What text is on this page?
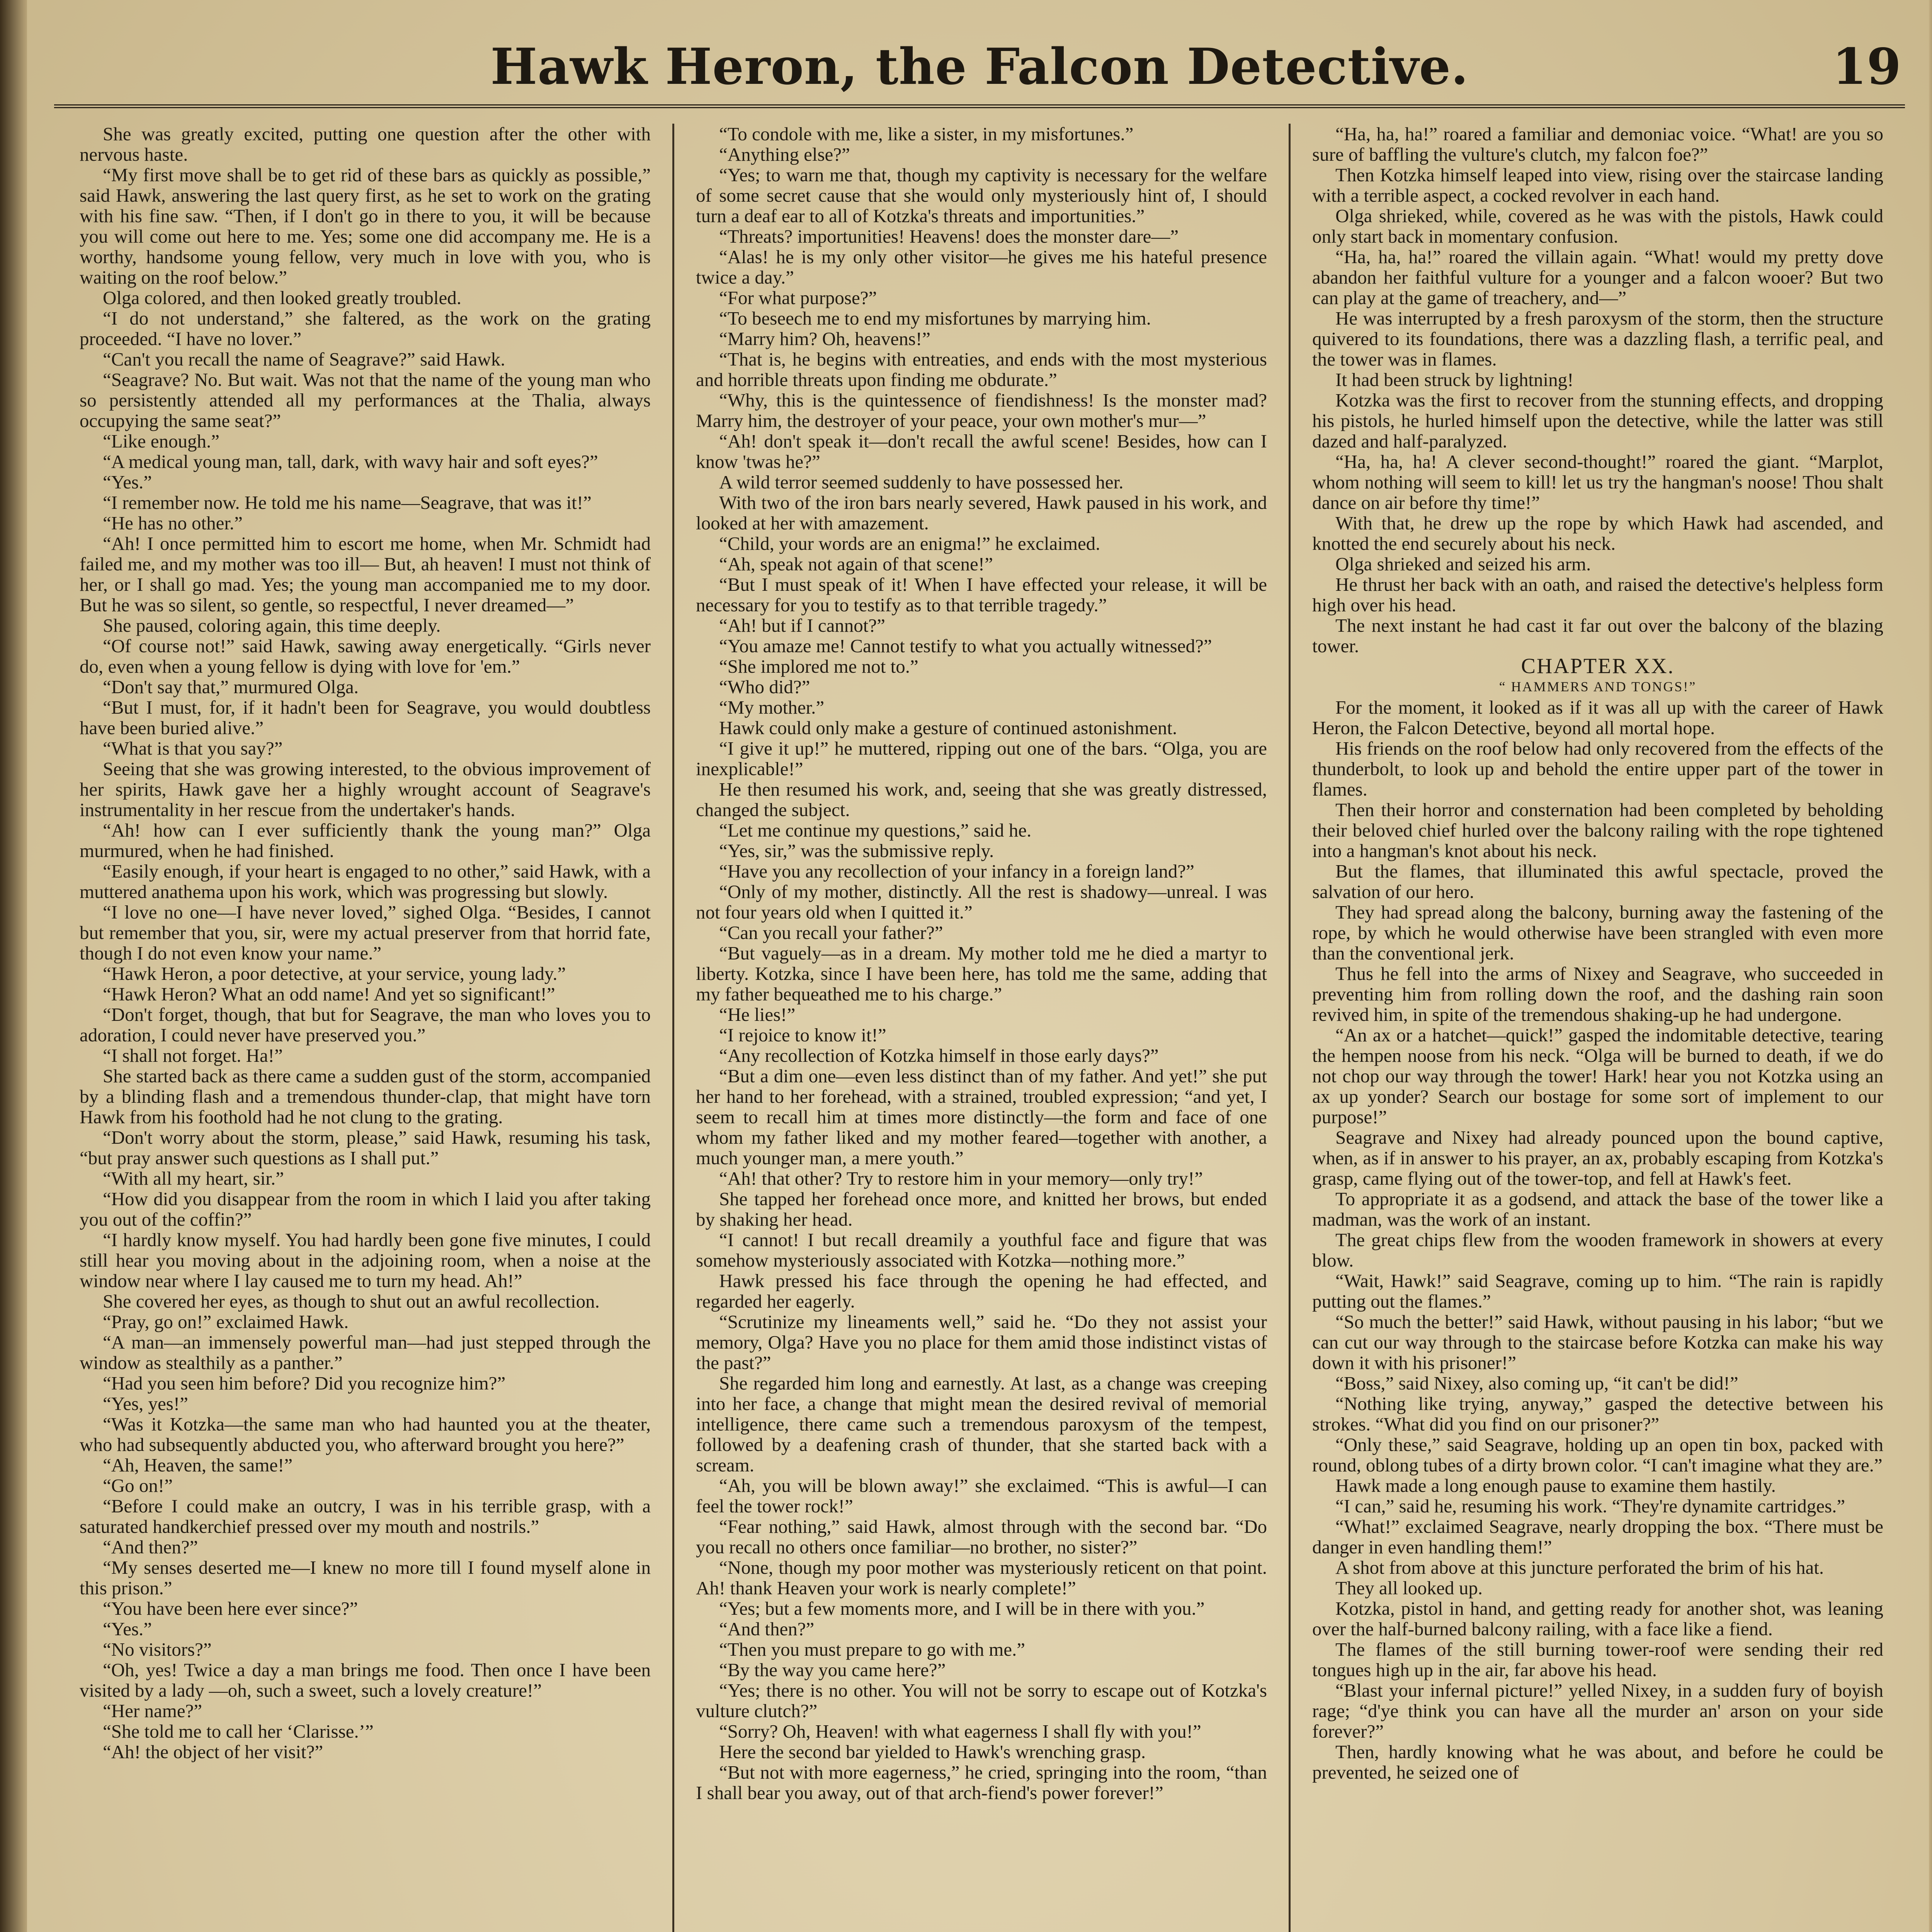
Hawk Heron, the Falcon Detective.	19

She was greatly excited, putting one question after the other with nervous haste.

“My first move shall be to get rid of these bars as quickly as possible,” said Hawk, answering the last query first, as he set to work on the grating with his fine saw. “Then, if I don't go in there to you, it will be because you will come out here to me. Yes; some one did accompany me. He is a worthy, handsome young fellow, very much in love with you, who is waiting on the roof below.”

Olga colored, and then looked greatly troubled.

“I do not understand,” she faltered, as the work on the grating proceeded. “I have no lover.”

“Can't you recall the name of Seagrave?” said Hawk.

“Seagrave? No. But wait. Was not that the name of the young man who so persistently attended all my performances at the Thalia, always occupying the same seat?”

“Like enough.”

“A medical young man, tall, dark, with wavy hair and soft eyes?”

“Yes.”

“I remember now. He told me his name—Seagrave, that was it!”

“He has no other.”

“Ah! I once permitted him to escort me home, when Mr. Schmidt had failed me, and my mother was too ill— But, ah heaven! I must not think of her, or I shall go mad. Yes; the young man accompanied me to my door. But he was so silent, so gentle, so respectful, I never dreamed—”

She paused, coloring again, this time deeply.

“Of course not!” said Hawk, sawing away energetically. “Girls never do, even when a young fellow is dying with love for 'em.”

“Don't say that,” murmured Olga.

“But I must, for, if it hadn't been for Seagrave, you would doubtless have been buried alive.”

“What is that you say?”

Seeing that she was growing interested, to the obvious improvement of her spirits, Hawk gave her a highly wrought account of Seagrave's instrumentality in her rescue from the undertaker's hands.

“Ah! how can I ever sufficiently thank the young man?” Olga murmured, when he had finished.

“Easily enough, if your heart is engaged to no other,” said Hawk, with a muttered anathema upon his work, which was progressing but slowly.

“I love no one—I have never loved,” sighed Olga. “Besides, I cannot but remember that you, sir, were my actual preserver from that horrid fate, though I do not even know your name.”

“Hawk Heron, a poor detective, at your service, young lady.”

“Hawk Heron? What an odd name! And yet so significant!”

“Don't forget, though, that but for Seagrave, the man who loves you to adoration, I could never have preserved you.”

“I shall not forget. Ha!”

She started back as there came a sudden gust of the storm, accompanied by a blinding flash and a tremendous thunder-clap, that might have torn Hawk from his foothold had he not clung to the grating.

“Don't worry about the storm, please,” said Hawk, resuming his task, “but pray answer such questions as I shall put.”

“With all my heart, sir.”

“How did you disappear from the room in which I laid you after taking you out of the coffin?”

“I hardly know myself. You had hardly been gone five minutes, I could still hear you moving about in the adjoining room, when a noise at the window near where I lay caused me to turn my head. Ah!”

She covered her eyes, as though to shut out an awful recollection.

“Pray, go on!” exclaimed Hawk.

“A man—an immensely powerful man—had just stepped through the window as stealthily as a panther.”

“Had you seen him before? Did you recognize him?”

“Yes, yes!”

“Was it Kotzka—the same man who had haunted you at the theater, who had subsequently abducted you, who afterward brought you here?”

“Ah, Heaven, the same!”

“Go on!”

“Before I could make an outcry, I was in his terrible grasp, with a saturated handkerchief pressed over my mouth and nostrils.”

“And then?”

“My senses deserted me—I knew no more till I found myself alone in this prison.”

“You have been here ever since?”

“Yes.”

“No visitors?”

“Oh, yes! Twice a day a man brings me food. Then once I have been visited by a lady —oh, such a sweet, such a lovely creature!”

“Her name?”

“She told me to call her ‘Clarisse.’”

“Ah! the object of her visit?”

“To condole with me, like a sister, in my misfortunes.”

“Anything else?”

“Yes; to warn me that, though my captivity is necessary for the welfare of some secret cause that she would only mysteriously hint of, I should turn a deaf ear to all of Kotzka's threats and importunities.”

“Threats? importunities! Heavens! does the monster dare—”

“Alas! he is my only other visitor—he gives me his hateful presence twice a day.”

“For what purpose?”

“To beseech me to end my misfortunes by marrying him.

“Marry him? Oh, heavens!”

“That is, he begins with entreaties, and ends with the most mysterious and horrible threats upon finding me obdurate.”

“Why, this is the quintessence of fiendishness! Is the monster mad? Marry him, the destroyer of your peace, your own mother's mur—”

“Ah! don't speak it—don't recall the awful scene! Besides, how can I know 'twas he?”

A wild terror seemed suddenly to have possessed her.

With two of the iron bars nearly severed, Hawk paused in his work, and looked at her with amazement.

“Child, your words are an enigma!” he exclaimed.

“Ah, speak not again of that scene!”

“But I must speak of it! When I have effected your release, it will be necessary for you to testify as to that terrible tragedy.”

“Ah! but if I cannot?”

“You amaze me! Cannot testify to what you actually witnessed?”

“She implored me not to.”

“Who did?”

“My mother.”

Hawk could only make a gesture of continued astonishment.

“I give it up!” he muttered, ripping out one of the bars. “Olga, you are inexplicable!”

He then resumed his work, and, seeing that she was greatly distressed, changed the subject.

“Let me continue my questions,” said he.

“Yes, sir,” was the submissive reply.

“Have you any recollection of your infancy in a foreign land?”

“Only of my mother, distinctly. All the rest is shadowy—unreal. I was not four years old when I quitted it.”

“Can you recall your father?”

“But vaguely—as in a dream. My mother told me he died a martyr to liberty. Kotzka, since I have been here, has told me the same, adding that my father bequeathed me to his charge.”

“He lies!”

“I rejoice to know it!”

“Any recollection of Kotzka himself in those early days?”

“But a dim one—even less distinct than of my father. And yet!” she put her hand to her forehead, with a strained, troubled expression; “and yet, I seem to recall him at times more distinctly—the form and face of one whom my father liked and my mother feared—together with another, a much younger man, a mere youth.”

“Ah! that other? Try to restore him in your memory—only try!”

She tapped her forehead once more, and knitted her brows, but ended by shaking her head.

“I cannot! I but recall dreamily a youthful face and figure that was somehow mysteriously associated with Kotzka—nothing more.”

Hawk pressed his face through the opening he had effected, and regarded her eagerly.

“Scrutinize my lineaments well,” said he. “Do they not assist your memory, Olga? Have you no place for them amid those indistinct vistas of the past?”

She regarded him long and earnestly. At last, as a change was creeping into her face, a change that might mean the desired revival of memorial intelligence, there came such a tremendous paroxysm of the tempest, followed by a deafening crash of thunder, that she started back with a scream.

“Ah, you will be blown away!” she exclaimed. “This is awful—I can feel the tower rock!”

“Fear nothing,” said Hawk, almost through with the second bar. “Do you recall no others once familiar—no brother, no sister?”

“None, though my poor mother was mysteriously reticent on that point. Ah! thank Heaven your work is nearly complete!”

“Yes; but a few moments more, and I will be in there with you.”

“And then?”

“Then you must prepare to go with me.”

“By the way you came here?”

“Yes; there is no other. You will not be sorry to escape out of Kotzka's vulture clutch?”

“Sorry? Oh, Heaven! with what eagerness I shall fly with you!”

Here the second bar yielded to Hawk's wrenching grasp.

“But not with more eagerness,” he cried, springing into the room, “than I shall bear you away, out of that arch-fiend's power forever!”

“Ha, ha, ha!” roared a familiar and demoniac voice. “What! are you so sure of baffling the vulture's clutch, my falcon foe?”

Then Kotzka himself leaped into view, rising over the staircase landing with a terrible aspect, a cocked revolver in each hand.

Olga shrieked, while, covered as he was with the pistols, Hawk could only start back in momentary confusion.

“Ha, ha, ha!” roared the villain again. “What! would my pretty dove abandon her faithful vulture for a younger and a falcon wooer? But two can play at the game of treachery, and—”

He was interrupted by a fresh paroxysm of the storm, then the structure quivered to its foundations, there was a dazzling flash, a terrific peal, and the tower was in flames.

It had been struck by lightning!

Kotzka was the first to recover from the stunning effects, and dropping his pistols, he hurled himself upon the detective, while the latter was still dazed and half-paralyzed.

“Ha, ha, ha! A clever second-thought!” roared the giant. “Marplot, whom nothing will seem to kill! let us try the hangman's noose! Thou shalt dance on air before thy time!”

With that, he drew up the rope by which Hawk had ascended, and knotted the end securely about his neck.

Olga shrieked and seized his arm.

He thrust her back with an oath, and raised the detective's helpless form high over his head.

The next instant he had cast it far out over the balcony of the blazing tower.

CHAPTER XX.

“ HAMMERS AND TONGS!”

For the moment, it looked as if it was all up with the career of Hawk Heron, the Falcon Detective, beyond all mortal hope.

His friends on the roof below had only recovered from the effects of the thunderbolt, to look up and behold the entire upper part of the tower in flames.

Then their horror and consternation had been completed by beholding their beloved chief hurled over the balcony railing with the rope tightened into a hangman's knot about his neck.

But the flames, that illuminated this awful spectacle, proved the salvation of our hero.

They had spread along the balcony, burning away the fastening of the rope, by which he would otherwise have been strangled with even more than the conventional jerk.

Thus he fell into the arms of Nixey and Seagrave, who succeeded in preventing him from rolling down the roof, and the dashing rain soon revived him, in spite of the tremendous shaking-up he had undergone.

“An ax or a hatchet—quick!” gasped the indomitable detective, tearing the hempen noose from his neck. “Olga will be burned to death, if we do not chop our way through the tower! Hark! hear you not Kotzka using an ax up yonder? Search our bostage for some sort of implement to our purpose!”

Seagrave and Nixey had already pounced upon the bound captive, when, as if in answer to his prayer, an ax, probably escaping from Kotzka's grasp, came flying out of the tower-top, and fell at Hawk's feet.

To appropriate it as a godsend, and attack the base of the tower like a madman, was the work of an instant.

The great chips flew from the wooden framework in showers at every blow.

“Wait, Hawk!” said Seagrave, coming up to him. “The rain is rapidly putting out the flames.”

“So much the better!” said Hawk, without pausing in his labor; “but we can cut our way through to the staircase before Kotzka can make his way down it with his prisoner!”

“Boss,” said Nixey, also coming up, “it can't be did!”

“Nothing like trying, anyway,” gasped the detective between his strokes. “What did you find on our prisoner?”

“Only these,” said Seagrave, holding up an open tin box, packed with round, oblong tubes of a dirty brown color. “I can't imagine what they are.”

Hawk made a long enough pause to examine them hastily.

“I can,” said he, resuming his work. “They're dynamite cartridges.”

“What!” exclaimed Seagrave, nearly dropping the box. “There must be danger in even handling them!”

A shot from above at this juncture perforated the brim of his hat.

They all looked up.

Kotzka, pistol in hand, and getting ready for another shot, was leaning over the half-burned balcony railing, with a face like a fiend.

The flames of the still burning tower-roof were sending their red tongues high up in the air, far above his head.

“Blast your infernal picture!” yelled Nixey, in a sudden fury of boyish rage; “d'ye think you can have all the murder an' arson on your side forever?”

Then, hardly knowing what he was about, and before he could be prevented, he seized one of
